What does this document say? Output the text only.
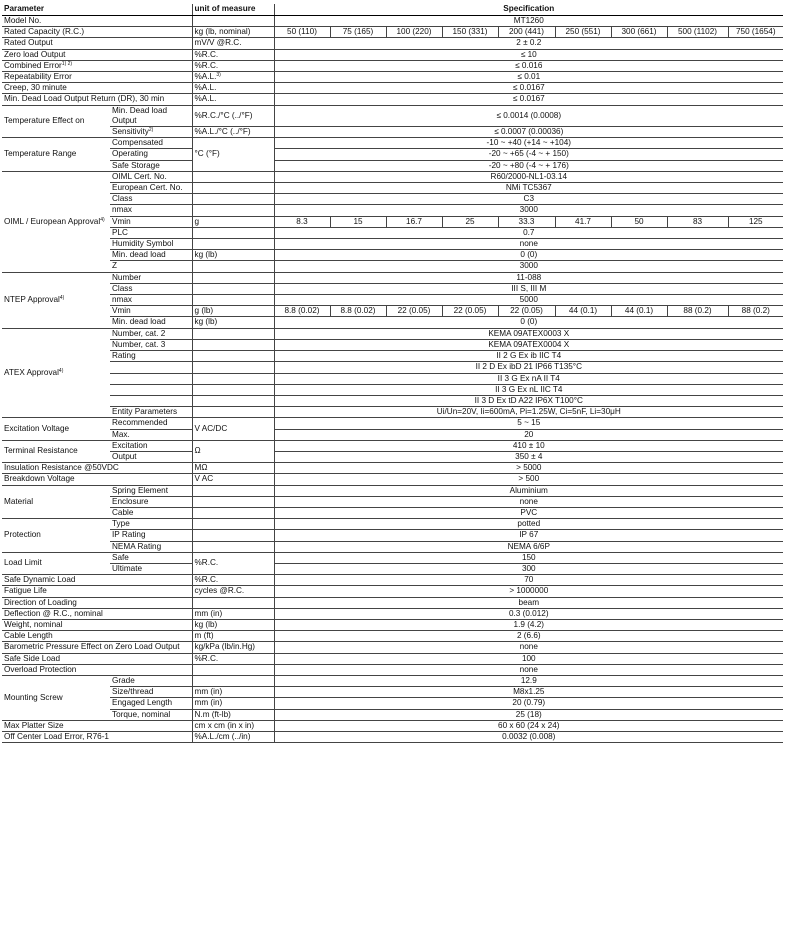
Parameter		unit of measure	Specification								
Model No.			MT1260								
Rated Capacity (R.C.)		kg (lb, nominal)	50 (110)	75 (165)	100 (220)	150 (331)	200 (441)	250 (551)	300 (661)	500 (1102)	750 (1654)
Rated Output		mV/V @R.C.	2 ± 0.2								
Zero load Output		%R.C.	≤ 10								
Combined Error$^{1) 2)}$		%R.C.	≤ 0.016								
Repeatability Error		%A.L.$^{3)}$	≤ 0.01								
Creep, 30 minute		%A.L.	≤ 0.0167								
Min. Dead Load Output Return (DR), 30 min		%A.L.	≤ 0.0167								
Temperature Effect on	Min. Dead load Output	%R.C./°C (../°F)	≤ 0.0014 (0.0008)								
	Sensitivity$^{2)}$	%A.L./°C (../°F)	≤ 0.0007 (0.00036)								
Temperature Range	Compensated	°C (°F)	-10 ~ +40 (+14 ~ +104)								
	Operating		-20 ~ +65 (-4 ~ + 150)								
	Safe Storage		-20 ~ +80 (-4 ~ + 176)								
OIML / European Approval$^{4)}$	OIML Cert. No.		R60/2000-NL1-03.14								
	European Cert. No.		NMi TC5367								
	Class		C3								
	nmax		3000								
	Vmin	g	8.3	15	16.7	25	33.3	41.7	50	83	125
	PLC		0.7								
	Humidity Symbol		none								
	Min. dead load	kg (lb)	0 (0)								
	Z		3000								
NTEP Approval$^{4)}$	Number		11-088								
	Class		III S, III M								
	nmax		5000								
	Vmin	g (lb)	8.8 (0.02)	8.8 (0.02)	22 (0.05)	22 (0.05)	22 (0.05)	44 (0.1)	44 (0.1)	88 (0.2)	88 (0.2)
	Min. dead load	kg (lb)	0 (0)								
ATEX Approval$^{4)}$	Number, cat. 2		KEMA 09ATEX0003 X								
	Number, cat. 3		KEMA 09ATEX0004 X								
	Rating		II 2 G Ex ib IIC T4								
			II 2 D Ex ibD 21 IP66 T135°C								
			II 3 G Ex nA II T4								
			II 3 G Ex nL IIC T4								
			II 3 D Ex tD A22 IP6X T100°C								
	Entity Parameters		Ui/Un=20V, Ii=600mA, Pi=1.25W, Ci=5nF, Li=30μH								
Excitation Voltage	Recommended	V AC/DC	5 ~ 15								
	Max.		20								
Terminal Resistance	Excitation	Ω	410 ± 10								
	Output		350 ± 4								
Insulation Resistance @50VDC		MΩ	> 5000								
Breakdown Voltage		V AC	> 500								
Material	Spring Element		Aluminium								
	Enclosure		none								
	Cable		PVC								
Protection	Type		potted								
	IP Rating		IP 67								
	NEMA Rating		NEMA 6/6P								
Load Limit	Safe	%R.C.	150								
	Ultimate		300								
Safe Dynamic Load		%R.C.	70								
Fatigue Life		cycles @R.C.	> 1000000								
Direction of Loading			beam								
Deflection @ R.C., nominal		mm (in)	0.3 (0.012)								
Weight, nominal		kg (lb)	1.9 (4.2)								
Cable Length		m (ft)	2 (6.6)								
Barometric Pressure Effect on Zero Load Output		kg/kPa (lb/in.Hg)	none								
Safe Side Load		%R.C.	100								
Overload Protection			none								
Mounting Screw	Grade		12.9								
	Size/thread	mm (in)	M8x1.25								
	Engaged Length	mm (in)	20 (0.79)								
	Torque, nominal	N.m (ft-lb)	25 (18)								
Max Platter Size		cm x cm (in x in)	60 x 60 (24 x 24)								
Off Center Load Error, R76-1		%A.L./cm (../in)	0.0032 (0.008)								
